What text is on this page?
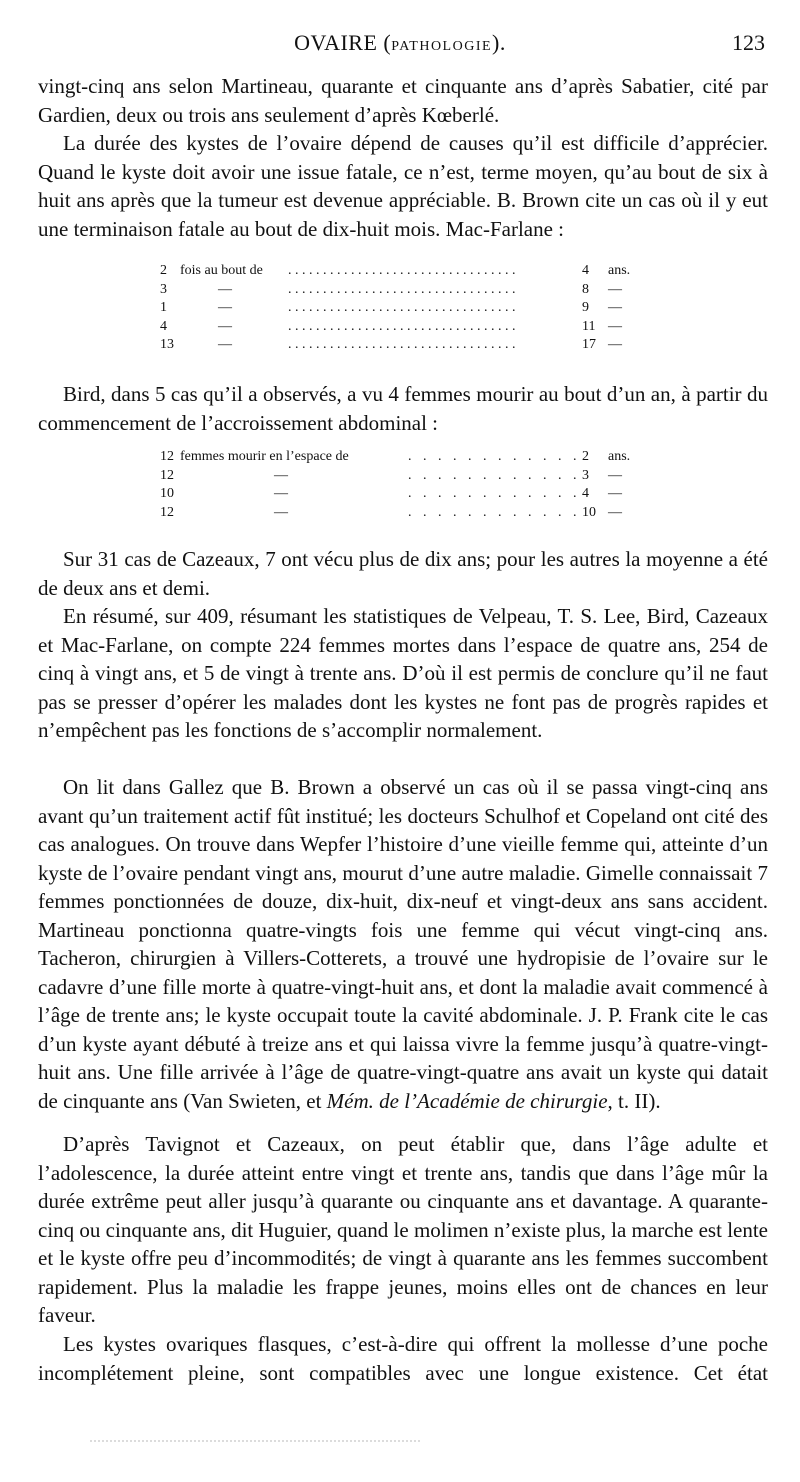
OVAIRE (PATHOLOGIE).	123

vingt-cinq ans selon Martineau, quarante et cinquante ans d’après Sabatier, cité par Gardien, deux ou trois ans seulement d’après Kœberlé.

La durée des kystes de l’ovaire dépend de causes qu’il est difficile d’apprécier. Quand le kyste doit avoir une issue fatale, ce n’est, terme moyen, qu’au bout de six à huit ans après que la tumeur est devenue appréciable. B. Brown cite un cas où il y eut une terminaison fatale au bout de dix-huit mois. Mac-Farlane :

2 fois au bout de . . . . . . . . . . . . . . . . . . . . . . . . . . . . . . . . .	4 ans.
3	—	. . . . . . . . . . . . . . . . . . . . . . . . . . . . . . . . .	8 —
1	—	. . . . . . . . . . . . . . . . . . . . . . . . . . . . . . . . .	9 —
4	—	. . . . . . . . . . . . . . . . . . . . . . . . . . . . . . . . .	11 —
13	—	. . . . . . . . . . . . . . . . . . . . . . . . . . . . . . . . .	17 —

Bird, dans 5 cas qu’il a observés, a vu 4 femmes mourir au bout d’un an, à partir du commencement de l’accroissement abdominal :

12 femmes mourir en l’espace de	. . . . . . . . . . . . 2 ans.
12	—	. . . . . . . . . . . . 3 —
10	—	. . . . . . . . . . . . 4 —
12	—	. . . . . . . . . . . . 10 —

Sur 31 cas de Cazeaux, 7 ont vécu plus de dix ans; pour les autres la moyenne a été de deux ans et demi.

En résumé, sur 409, résumant les statistiques de Velpeau, T. S. Lee, Bird, Cazeaux et Mac-Farlane, on compte 224 femmes mortes dans l’espace de quatre ans, 254 de cinq à vingt ans, et 5 de vingt à trente ans. D’où il est permis de conclure qu’il ne faut pas se presser d’opérer les malades dont les kystes ne font pas de progrès rapides et n’empêchent pas les fonctions de s’accomplir normalement.

On lit dans Gallez que B. Brown a observé un cas où il se passa vingt-cinq ans avant qu’un traitement actif fût institué; les docteurs Schulhof et Copeland ont cité des cas analogues. On trouve dans Wepfer l’histoire d’une vieille femme qui, atteinte d’un kyste de l’ovaire pendant vingt ans, mourut d’une autre maladie. Gimelle connaissait 7 femmes ponctionnées de douze, dix-huit, dix-neuf et vingt-deux ans sans accident. Martineau ponctionna quatre-vingts fois une femme qui vécut vingt-cinq ans. Tacheron, chirurgien à Villers-Cotterets, a trouvé une hydropisie de l’ovaire sur le cadavre d’une fille morte à quatre-vingt-huit ans, et dont la maladie avait commencé à l’âge de trente ans; le kyste occupait toute la cavité abdominale. J. P. Frank cite le cas d’un kyste ayant débuté à treize ans et qui laissa vivre la femme jusqu’à quatre-vingt-huit ans. Une fille arrivée à l’âge de quatre-vingt-quatre ans avait un kyste qui datait de cinquante ans (Van Swieten, et Mém. de l’Académie de chirurgie, t. II).

D’après Tavignot et Cazeaux, on peut établir que, dans l’âge adulte et l’adolescence, la durée atteint entre vingt et trente ans, tandis que dans l’âge mûr la durée extrême peut aller jusqu’à quarante ou cinquante ans et davantage. A quarante-cinq ou cinquante ans, dit Huguier, quand le molimen n’existe plus, la marche est lente et le kyste offre peu d’incommodités; de vingt à quarante ans les femmes succombent rapidement. Plus la maladie les frappe jeunes, moins elles ont de chances en leur faveur.

Les kystes ovariques flasques, c’est-à-dire qui offrent la mollesse d’une poche incomplétement pleine, sont compatibles avec une longue existence. Cet état
